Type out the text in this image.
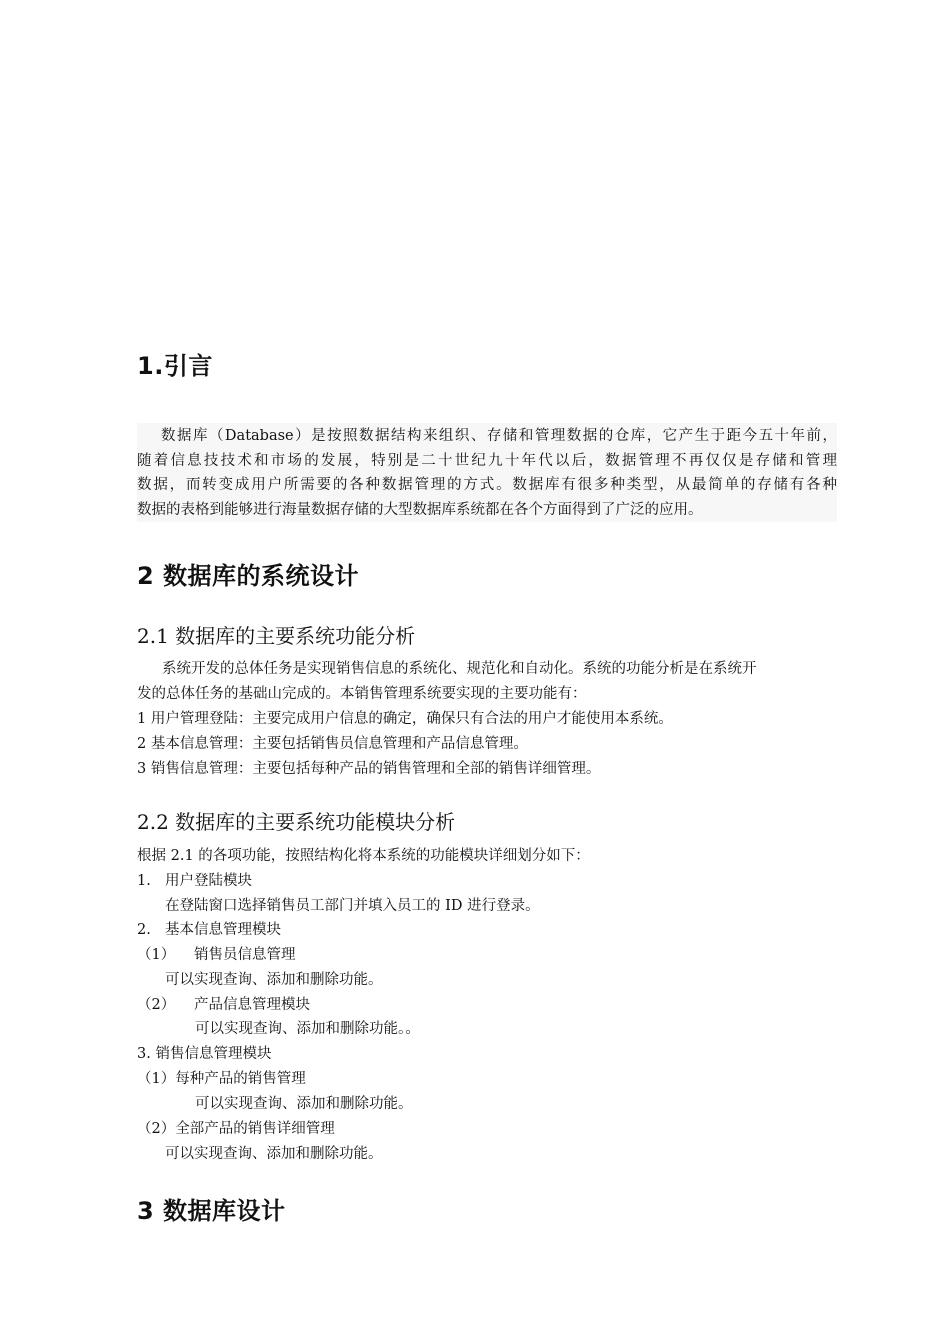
1.引言
数据库（Database）是按照数据结构来组织、存储和管理数据的仓库，它产生于距今五十年前，
随着信息技技术和市场的发展，特别是二十世纪九十年代以后，数据管理不再仅仅是存储和管理
数据，而转变成用户所需要的各种数据管理的方式。数据库有很多种类型，从最简单的存储有各种
数据的表格到能够进行海量数据存储的大型数据库系统都在各个方面得到了广泛的应用。
2 数据库的系统设计
2.1 数据库的主要系统功能分析
系统开发的总体任务是实现销售信息的系统化、规范化和自动化。系统的功能分析是在系统开
发的总体任务的基础山完成的。本销售管理系统要实现的主要功能有：
1 用户管理登陆：主要完成用户信息的确定，确保只有合法的用户才能使用本系统。
2 基本信息管理：主要包括销售员信息管理和产品信息管理。
3 销售信息管理：主要包括每种产品的销售管理和全部的销售详细管理。
2.2 数据库的主要系统功能模块分析
根据 2.1 的各项功能，按照结构化将本系统的功能模块详细划分如下：
1. 用户登陆模块
在登陆窗口选择销售员工部门并填入员工的 ID 进行登录。
2. 基本信息管理模块
（1） 销售员信息管理
可以实现查询、添加和删除功能。
（2） 产品信息管理模块
可以实现查询、添加和删除功能。。
3. 销售信息管理模块
（1）每种产品的销售管理
可以实现查询、添加和删除功能。
（2）全部产品的销售详细管理
可以实现查询、添加和删除功能。
3 数据库设计
